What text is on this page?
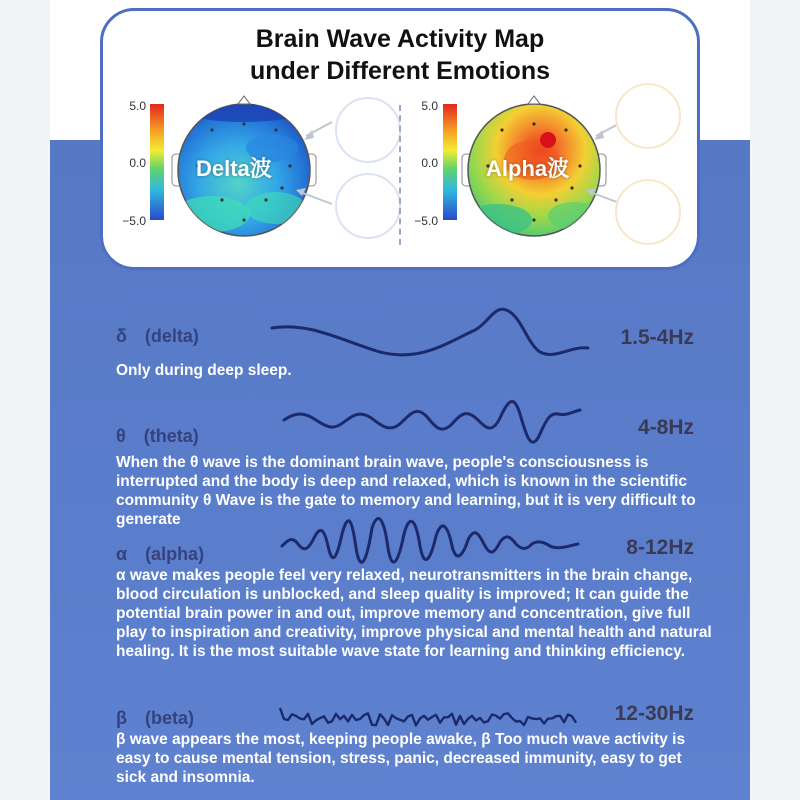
Brain Wave Activity Map
under Different Emotions
5.0
0.0
−5.0
Delta波
5.0
0.0
−5.0
Alpha波
δ　(delta)	1.5-4Hz
Only during deep sleep.
θ　(theta)	4-8Hz
When the θ wave is the dominant brain wave, people's consciousness is interrupted and the body is deep and relaxed, which is known in the scientific community θ Wave is the gate to memory and learning, but it is very difficult to generate
α　(alpha)	8-12Hz
α wave makes people feel very relaxed, neurotransmitters in the brain change, blood circulation is unblocked, and sleep quality is improved; It can guide the potential brain power in and out, improve memory and concentration, give full play to inspiration and creativity, improve physical and mental health and natural healing. It is the most suitable wave state for learning and thinking efficiency.
β　(beta)	12-30Hz
β wave appears the most, keeping people awake, β Too much wave activity is easy to cause mental tension, stress, panic, decreased immunity, easy to get sick and insomnia.
